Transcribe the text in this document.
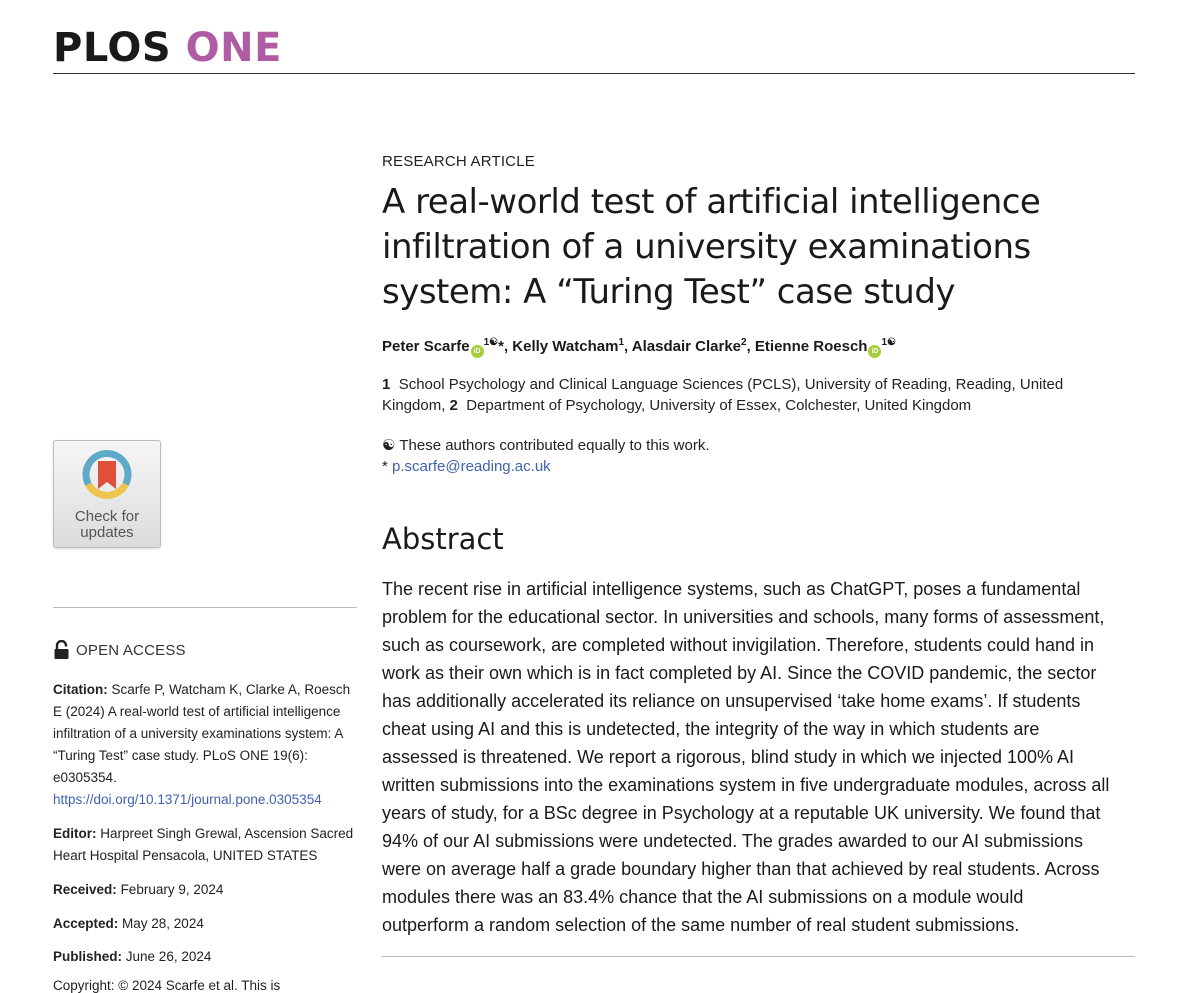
PLOS ONE
Check for
updates
OPEN ACCESS
Citation: Scarfe P, Watcham K, Clarke A, Roesch E (2024) A real-world test of artificial intelligence infiltration of a university examinations system: A “Turing Test” case study. PLoS ONE 19(6): e0305354. https://doi.org/10.1371/journal.pone.0305354
Editor: Harpreet Singh Grewal, Ascension Sacred Heart Hospital Pensacola, UNITED STATES
Received: February 9, 2024
Accepted: May 28, 2024
Published: June 26, 2024
Copyright: © 2024 Scarfe et al. This is
RESEARCH ARTICLE
A real-world test of artificial intelligence infiltration of a university examinations system: A “Turing Test” case study
Peter Scarfe $iD^{1☯}*$, Kelly Watcham$^1$, Alasdair Clarke$^2$, Etienne Roesch $iD^{1☯}$
1 School Psychology and Clinical Language Sciences (PCLS), University of Reading, Reading, United Kingdom, 2 Department of Psychology, University of Essex, Colchester, United Kingdom
☯ These authors contributed equally to this work.
* p.scarfe@reading.ac.uk
Abstract
The recent rise in artificial intelligence systems, such as ChatGPT, poses a fundamental problem for the educational sector. In universities and schools, many forms of assessment, such as coursework, are completed without invigilation. Therefore, students could hand in work as their own which is in fact completed by AI. Since the COVID pandemic, the sector has additionally accelerated its reliance on unsupervised ‘take home exams’. If students cheat using AI and this is undetected, the integrity of the way in which students are assessed is threatened. We report a rigorous, blind study in which we injected 100% AI written submissions into the examinations system in five undergraduate modules, across all years of study, for a BSc degree in Psychology at a reputable UK university. We found that 94% of our AI submissions were undetected. The grades awarded to our AI submissions were on average half a grade boundary higher than that achieved by real students. Across modules there was an 83.4% chance that the AI submissions on a module would outperform a random selection of the same number of real student submissions.
